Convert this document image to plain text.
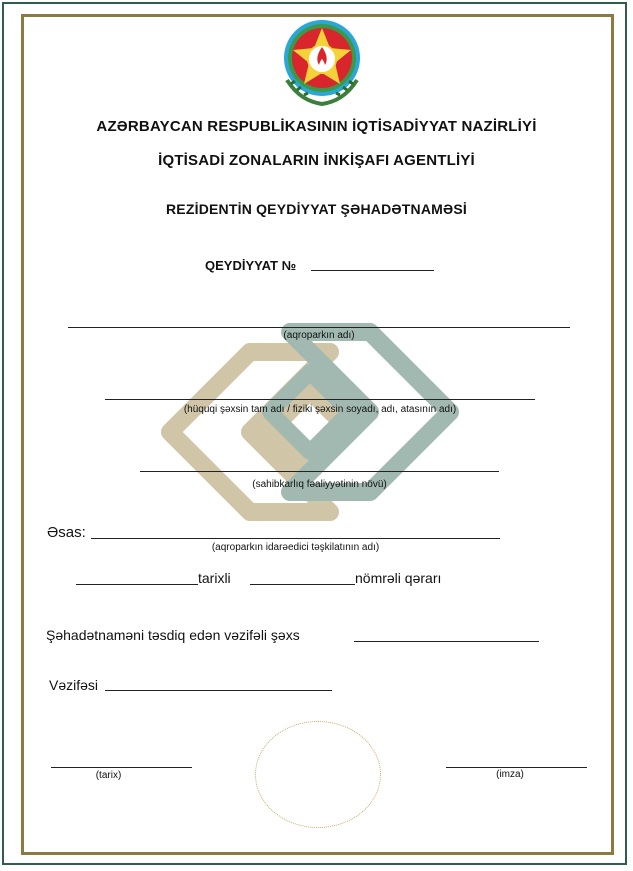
AZƏRBAYCAN RESPUBLİKASININ İQTİSADİYYAT NAZİRLİYİ
İQTİSADİ ZONALARIN İNKİŞAFI AGENTLİYİ
REZİDENTİN QEYDİYYAT ŞƏHADƏTNAMƏSİ
QEYDİYYAT №
(aqroparkın adı)
(hüquqi şəxsin tam adı / fiziki şəxsin soyadı, adı, atasının adı)
(sahibkarlıq fəaliyyətinin növü)
Əsas:
(aqroparkın idarəedici təşkilatının adı)
tarixli	nömrəli qərarı
Şəhadətnaməni təsdiq edən vəzifəli şəxs
Vəzifəsi
(tarix)	(imza)
